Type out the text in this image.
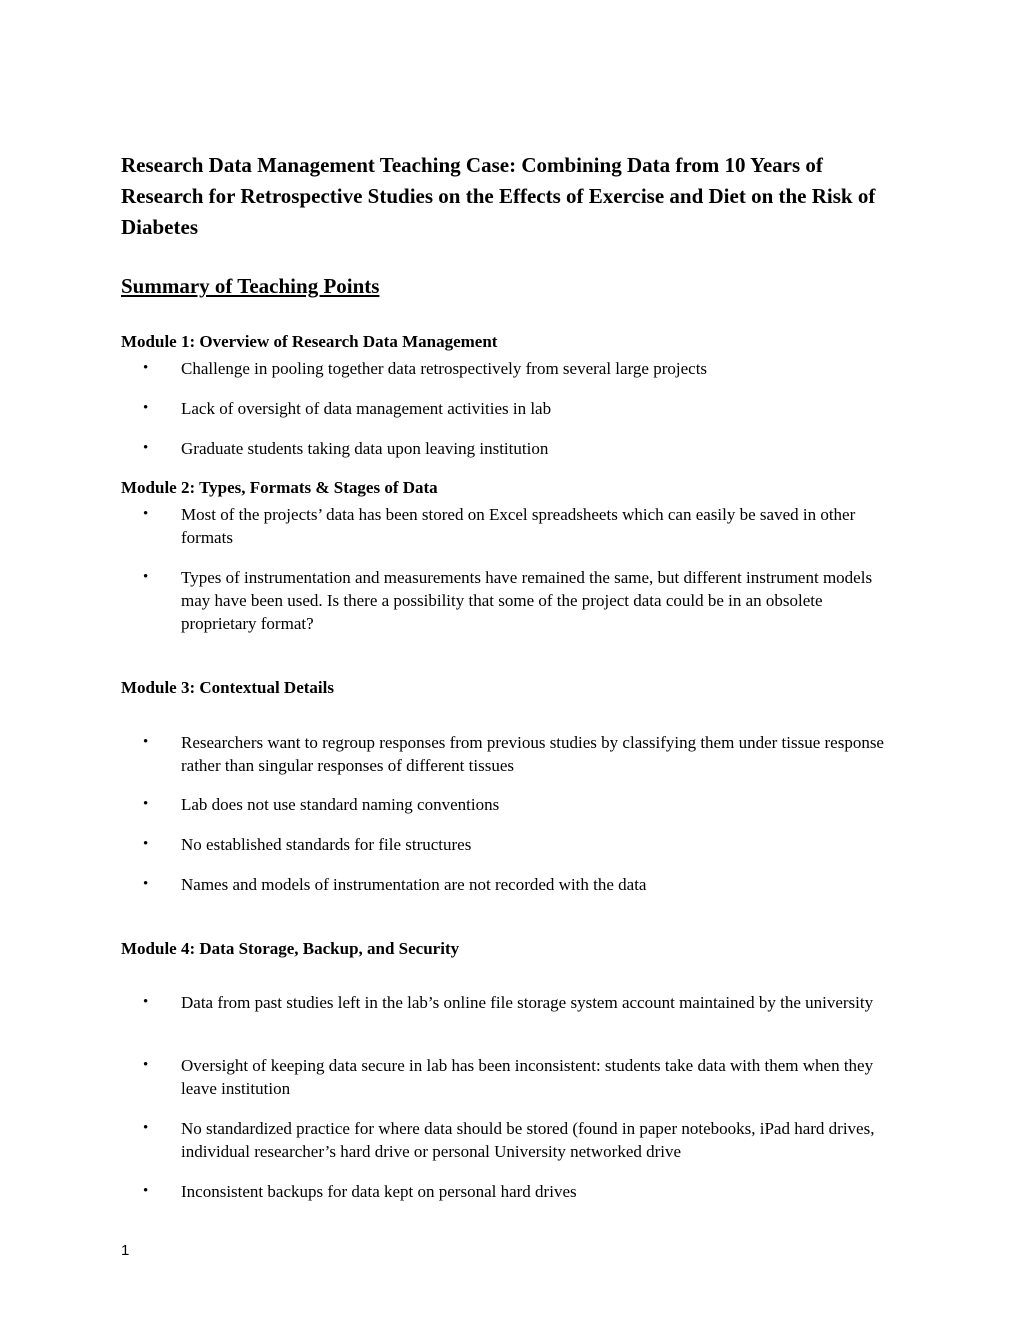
Research Data Management Teaching Case: Combining Data from 10 Years of Research for Retrospective Studies on the Effects of Exercise and Diet on the Risk of Diabetes
Summary of Teaching Points
Module 1: Overview of Research Data Management
• Challenge in pooling together data retrospectively from several large projects
• Lack of oversight of data management activities in lab
• Graduate students taking data upon leaving institution
Module 2: Types, Formats & Stages of Data
• Most of the projects’ data has been stored on Excel spreadsheets which can easily be saved in other formats
• Types of instrumentation and measurements have remained the same, but different instrument models may have been used. Is there a possibility that some of the project data could be in an obsolete proprietary format?
Module 3: Contextual Details
• Researchers want to regroup responses from previous studies by classifying them under tissue response rather than singular responses of different tissues
• Lab does not use standard naming conventions
• No established standards for file structures
• Names and models of instrumentation are not recorded with the data
Module 4: Data Storage, Backup, and Security
• Data from past studies left in the lab’s online file storage system account maintained by the university
• Oversight of keeping data secure in lab has been inconsistent: students take data with them when they leave institution
• No standardized practice for where data should be stored (found in paper notebooks, iPad hard drives, individual researcher’s hard drive or personal University networked drive
• Inconsistent backups for data kept on personal hard drives
1
